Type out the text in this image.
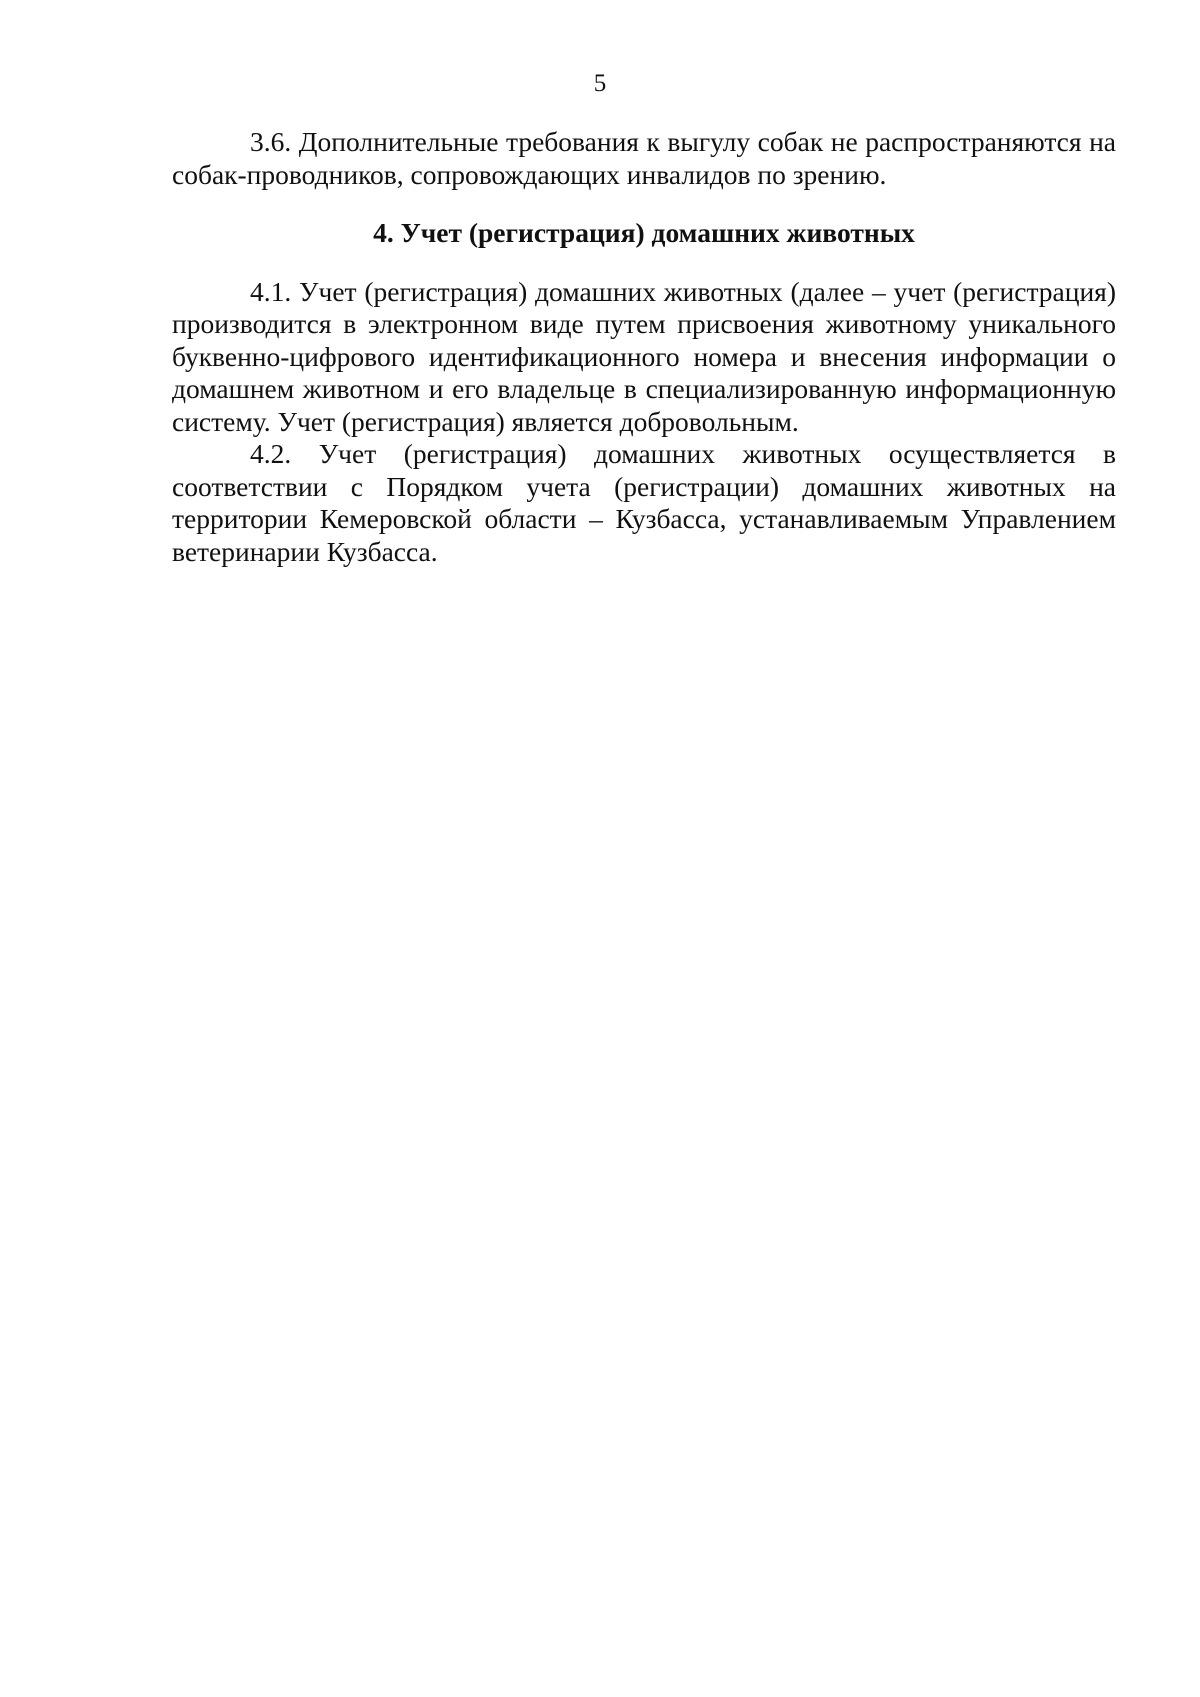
5

3.6. Дополнительные требования к выгулу собак не распространяются на собак-проводников, сопровождающих инвалидов по зрению.

4. Учет (регистрация) домашних животных

4.1. Учет (регистрация) домашних животных (далее – учет (регистрация) производится в электронном виде путем присвоения животному уникального буквенно-цифрового идентификационного номера и внесения информации о домашнем животном и его владельце в специализированную информационную систему. Учет (регистрация) является добровольным.

4.2. Учет (регистрация) домашних животных осуществляется в соответствии с Порядком учета (регистрации) домашних животных на территории Кемеровской области – Кузбасса, устанавливаемым Управлением ветеринарии Кузбасса.
